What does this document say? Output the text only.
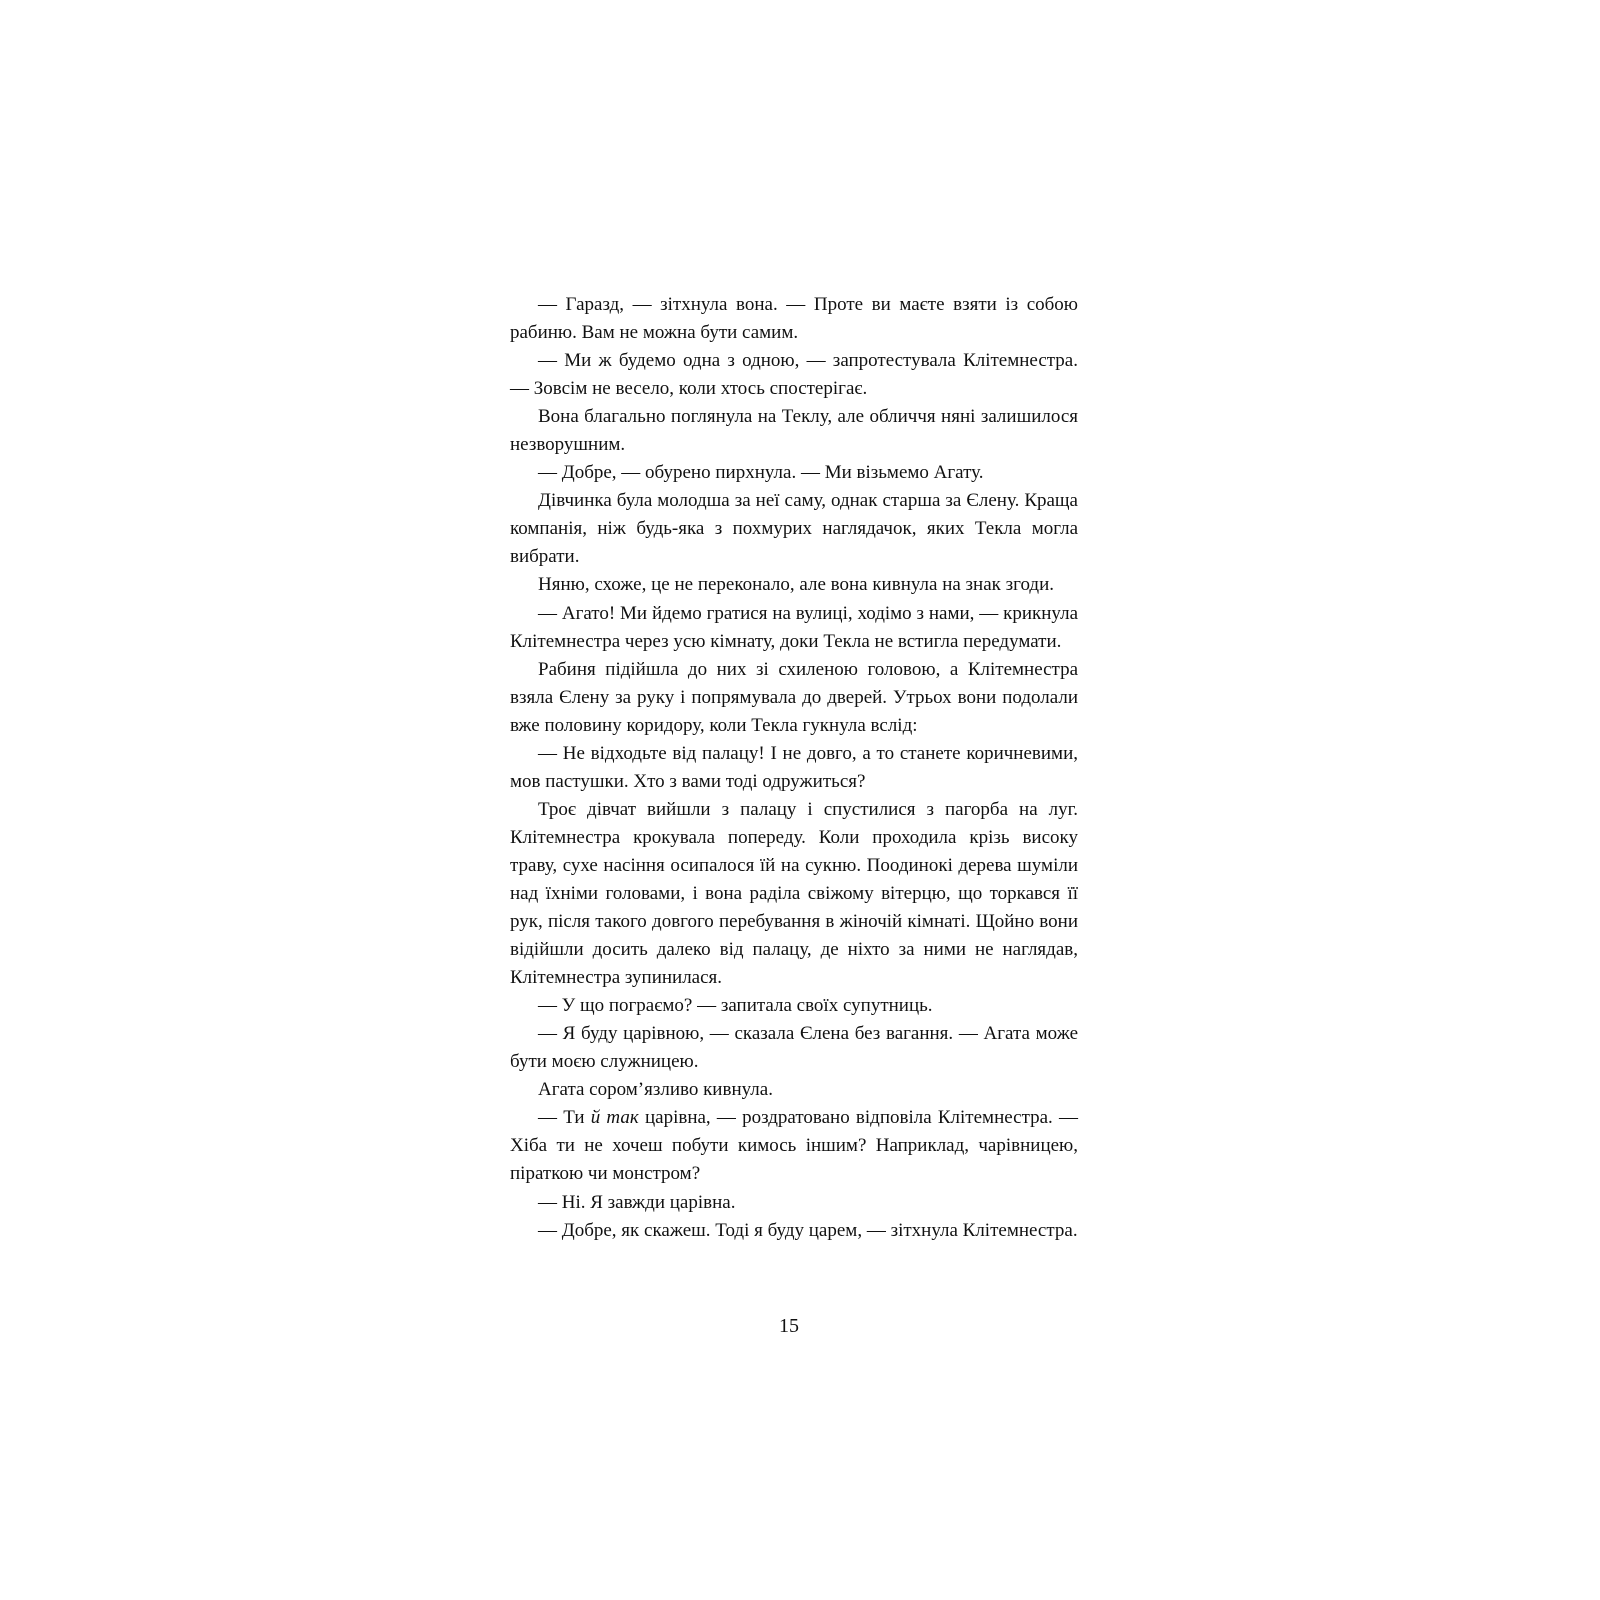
— Гаразд, — зітхнула вона. — Проте ви маєте взяти із собою рабиню. Вам не можна бути самим.

— Ми ж будемо одна з одною, — запротестувала Клітемнестра. — Зовсім не весело, коли хтось спостерігає.

Вона благально поглянула на Теклу, але обличчя няні залишилося незворушним.

— Добре, — обурено пирхнула. — Ми візьмемо Агату.

Дівчинка була молодша за неї саму, однак старша за Єлену. Краща компанія, ніж будь-яка з похмурих наглядачок, яких Текла могла вибрати.

Няню, схоже, це не переконало, але вона кивнула на знак згоди.

— Агато! Ми йдемо гратися на вулиці, ходімо з нами, — крикнула Клітемнестра через усю кімнату, доки Текла не встигла передумати.

Рабиня підійшла до них зі схиленою головою, а Клітемнестра взяла Єлену за руку і попрямувала до дверей. Утрьох вони подолали вже половину коридору, коли Текла гукнула вслід:

— Не відходьте від палацу! І не довго, а то станете коричневими, мов пастушки. Хто з вами тоді одружиться?

Троє дівчат вийшли з палацу і спустилися з пагорба на луг. Клітемнестра крокувала попереду. Коли проходила крізь високу траву, сухе насіння осипалося їй на сукню. Поодинокі дерева шуміли над їхніми головами, і вона раділа свіжому вітерцю, що торкався її рук, після такого довгого перебування в жіночій кімнаті. Щойно вони відійшли досить далеко від палацу, де ніхто за ними не наглядав, Клітемнестра зупинилася.

— У що пограємо? — запитала своїх супутниць.

— Я буду царівною, — сказала Єлена без вагання. — Агата може бути моєю служницею.

Агата сором’язливо кивнула.

— Ти й так царівна, — роздратовано відповіла Клітемнестра. — Хіба ти не хочеш побути кимось іншим? Наприклад, чарівницею, піраткою чи монстром?

— Ні. Я завжди царівна.

— Добре, як скажеш. Тоді я буду царем, — зітхнула Клітемнестра.

15
